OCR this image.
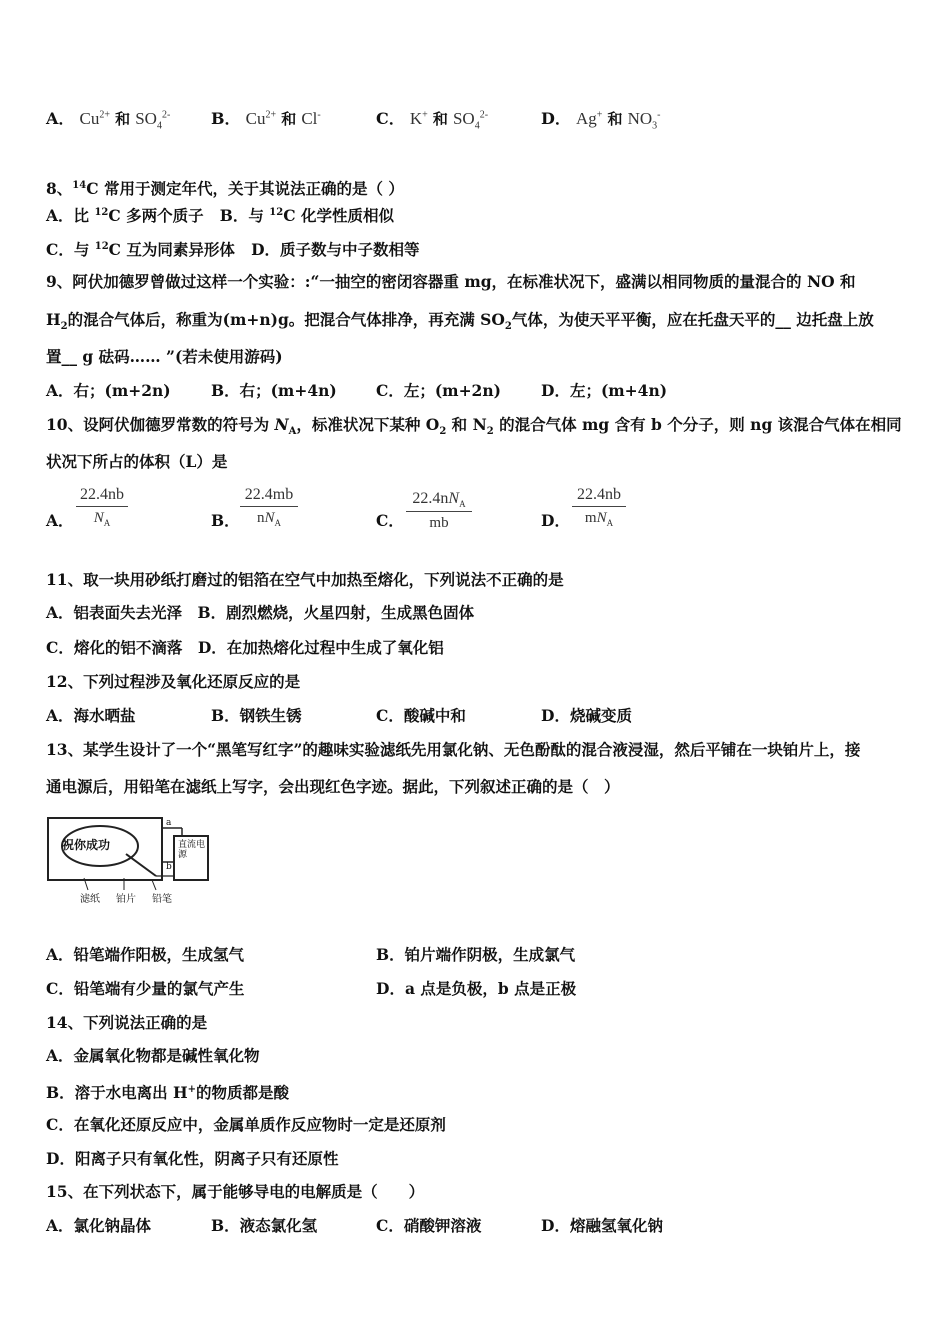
A． $Cu^{2+}$ 和 $SO_4^{2-}$	B． $Cu^{2+}$ 和 Cl-	C． K+ 和 $SO_4^{2-}$	D． Ag+ 和 $NO_3^-$
8、$^{14}$C 常用于测定年代，关于其说法正确的是（ ）
A．比 $^{12}$C 多两个质子 B．与 $^{12}$C 化学性质相似
C．与 $^{12}$C 互为同素异形体 D．质子数与中子数相等
9、阿伏加德罗曾做过这样一个实验：:“一抽空的密闭容器重 mg，在标准状况下，盛满以相同物质的量混合的 NO 和
$H_2$的混合气体后，称重为(m+n)g。把混合气体排净，再充满 $SO_2$气体，为使天平平衡，应在托盘天平的__ 边托盘上放
置__ g 砝码…… ”(若未使用游码)
A．右；(m+2n)	B．右；(m+4n)	C．左；(m+2n)	D．左；(m+4n)
10、设阿伏伽德罗常数的符号为 $N_A$，标准状况下某种 $O_2$ 和 $N_2$ 的混合气体 mg 含有 b 个分子，则 ng 该混合气体在相同
状况下所占的体积（L）是
A．
22.4nb
$N_A$	B．
22.4mb
$nN_A$	C．
$22.4nN_A$
mb	D．
22.4nb
$mN_A$
11、取一块用砂纸打磨过的铝箔在空气中加热至熔化，下列说法不正确的是
A．铝表面失去光泽　B．剧烈燃烧，火星四射，生成黑色固体
C．熔化的铝不滴落　D．在加热熔化过程中生成了氧化铝
12、下列过程涉及氧化还原反应的是
A．海水晒盐	B．钢铁生锈	C．酸碱中和	D．烧碱变质
13、某学生设计了一个“黑笔写红字”的趣味实验滤纸先用氯化钠、无色酚酞的混合液浸湿，然后平铺在一块铂片上，接
通电源后，用铅笔在滤纸上写字，会出现红色字迹。据此，下列叙述正确的是（　）
祝你成功	直流电源
a
b
滤纸 铂片 铅笔
A．铅笔端作阳极，生成氢气	B．铂片端作阴极，生成氯气
C．铅笔端有少量的氯气产生	D．a 点是负极，b 点是正极
14、下列说法正确的是
A．金属氧化物都是碱性氧化物
B．溶于水电离出 H+的物质都是酸
C．在氧化还原反应中，金属单质作反应物时一定是还原剂
D．阳离子只有氧化性，阴离子只有还原性
15、在下列状态下，属于能够导电的电解质是（　　）
A．氯化钠晶体	B．液态氯化氢	C．硝酸钾溶液	D．熔融氢氧化钠
